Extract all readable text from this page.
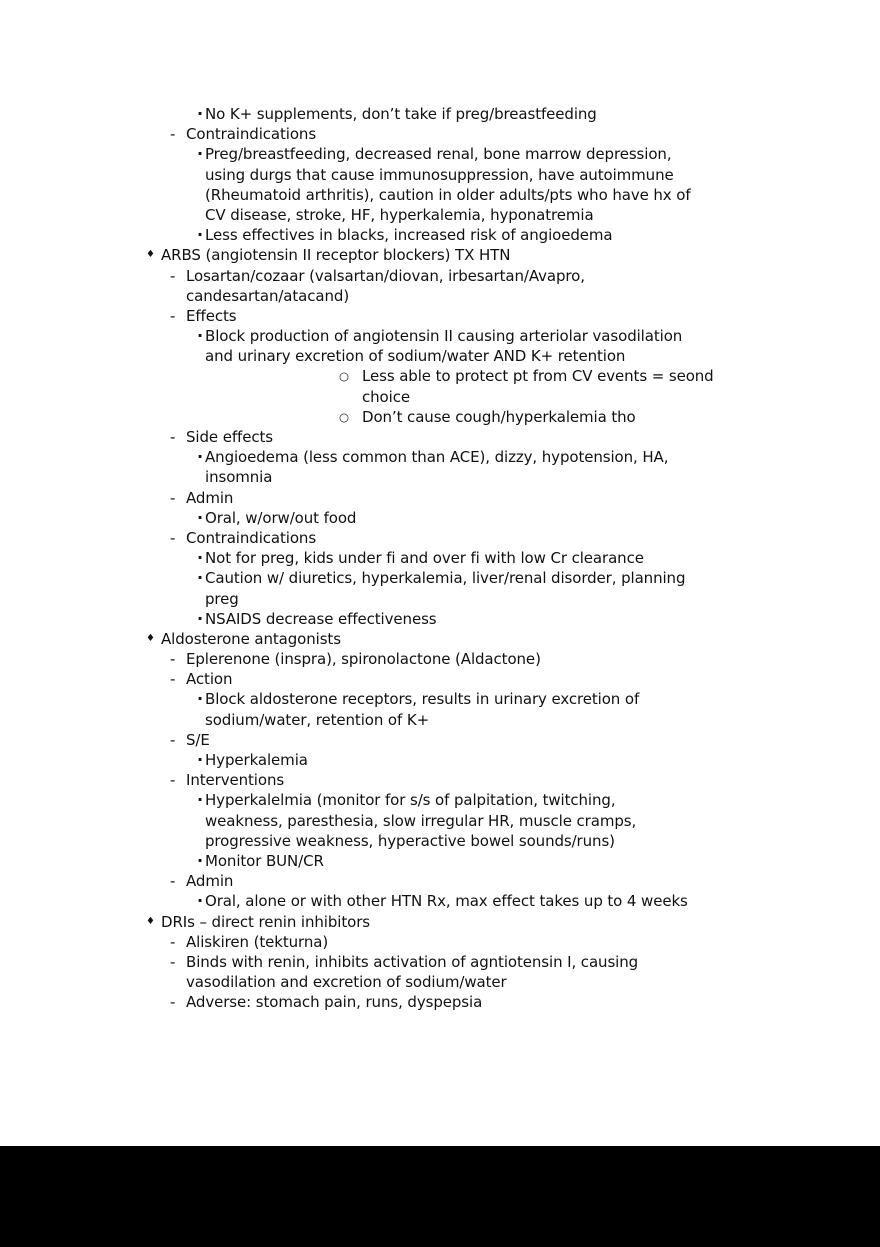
· No K+ supplements, don’t take if preg/breastfeeding
- Contraindications
· Preg/breastfeeding, decreased renal, bone marrow depression,
using durgs that cause immunosuppression, have autoimmune
(Rheumatoid arthritis), caution in older adults/pts who have hx of
CV disease, stroke, HF, hyperkalemia, hyponatremia
· Less effectives in blacks, increased risk of angioedema
♦ ARBS (angiotensin II receptor blockers) TX HTN
- Losartan/cozaar (valsartan/diovan, irbesartan/Avapro,
candesartan/atacand)
- Effects
· Block production of angiotensin II causing arteriolar vasodilation
and urinary excretion of sodium/water AND K+ retention
○ Less able to protect pt from CV events = seond
choice
○ Don’t cause cough/hyperkalemia tho
- Side effects
· Angioedema (less common than ACE), dizzy, hypotension, HA,
insomnia
- Admin
· Oral, w/orw/out food
- Contraindications
· Not for preg, kids under fi and over fi with low Cr clearance
· Caution w/ diuretics, hyperkalemia, liver/renal disorder, planning
preg
· NSAIDS decrease effectiveness
♦ Aldosterone antagonists
- Eplerenone (inspra), spironolactone (Aldactone)
- Action
· Block aldosterone receptors, results in urinary excretion of
sodium/water, retention of K+
- S/E
· Hyperkalemia
- Interventions
· Hyperkalelmia (monitor for s/s of palpitation, twitching,
weakness, paresthesia, slow irregular HR, muscle cramps,
progressive weakness, hyperactive bowel sounds/runs)
· Monitor BUN/CR
- Admin
· Oral, alone or with other HTN Rx, max effect takes up to 4 weeks
♦ DRIs – direct renin inhibitors
- Aliskiren (tekturna)
- Binds with renin, inhibits activation of agntiotensin I, causing
vasodilation and excretion of sodium/water
- Adverse: stomach pain, runs, dyspepsia
